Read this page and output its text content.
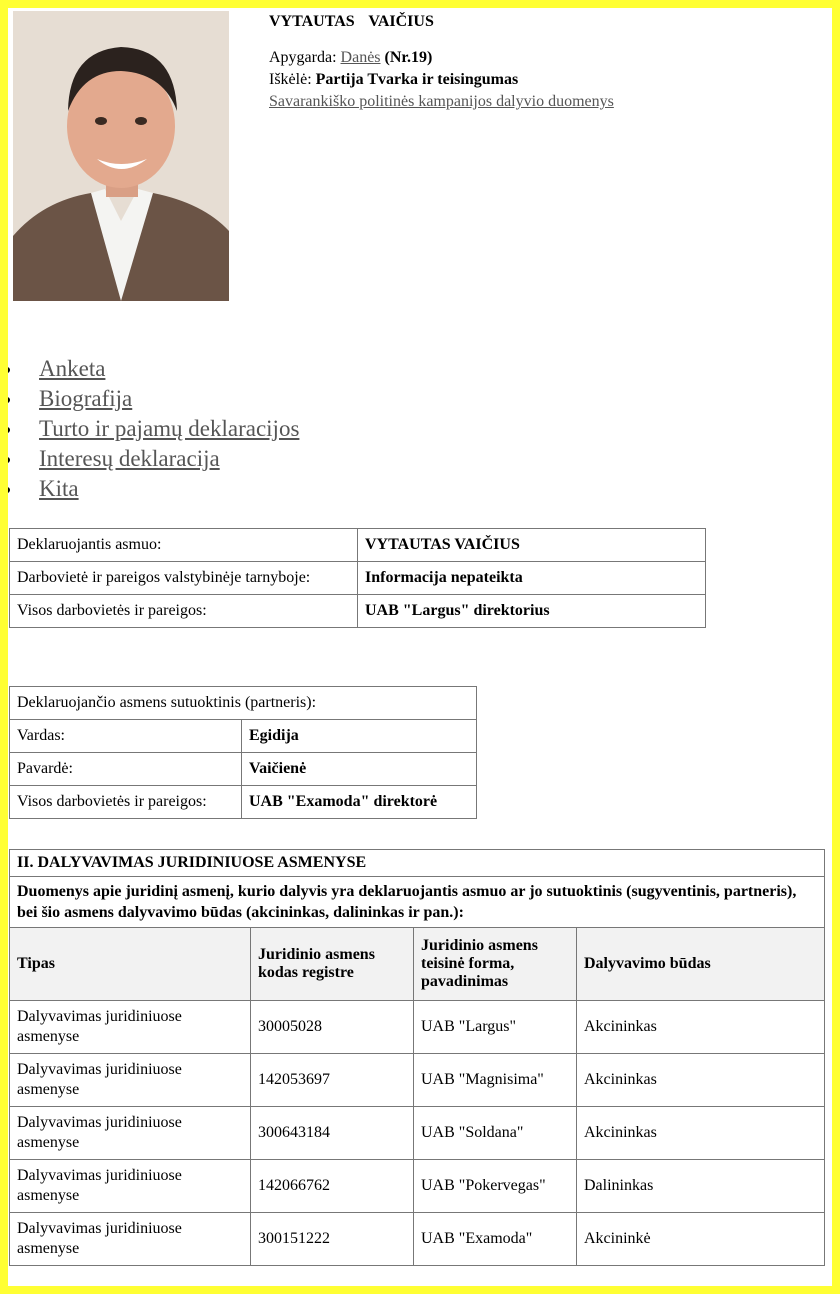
VYTAUTAS VAIČIUS
Apygarda: Danės (Nr.19)
Iškėlė: Partija Tvarka ir teisingumas
Savarankiško politinės kampanijos dalyvio duomenys
Anketa
Biografija
Turto ir pajamų deklaracijos
Interesų deklaracija
Kita
Deklaruojantis asmuo:	VYTAUTAS VAIČIUS
Darbovietė ir pareigos valstybinėje tarnyboje:	Informacija nepateikta
Visos darbovietės ir pareigos:	UAB "Largus" direktorius
Deklaruojančio asmens sutuoktinis (partneris):	
Vardas:	Egidija
Pavardė:	Vaičienė
Visos darbovietės ir pareigos:	UAB "Examoda" direktorė
II. DALYVAVIMAS JURIDINIUOSE ASMENYSE			
Duomenys apie juridinį asmenį, kurio dalyvis yra deklaruojantis asmuo ar jo sutuoktinis (sugyventinis, partneris), bei šio asmens dalyvavimo būdas (akcininkas, dalininkas ir pan.):			
Tipas	Juridinio asmens kodas registre	Juridinio asmens teisinė forma, pavadinimas	Dalyvavimo būdas
Dalyvavimas juridiniuose asmenyse	30005028	UAB "Largus"	Akcininkas
Dalyvavimas juridiniuose asmenyse	142053697	UAB "Magnisima"	Akcininkas
Dalyvavimas juridiniuose asmenyse	300643184	UAB "Soldana"	Akcininkas
Dalyvavimas juridiniuose asmenyse	142066762	UAB "Pokervegas"	Dalininkas
Dalyvavimas juridiniuose asmenyse	300151222	UAB "Examoda"	Akcininkė
